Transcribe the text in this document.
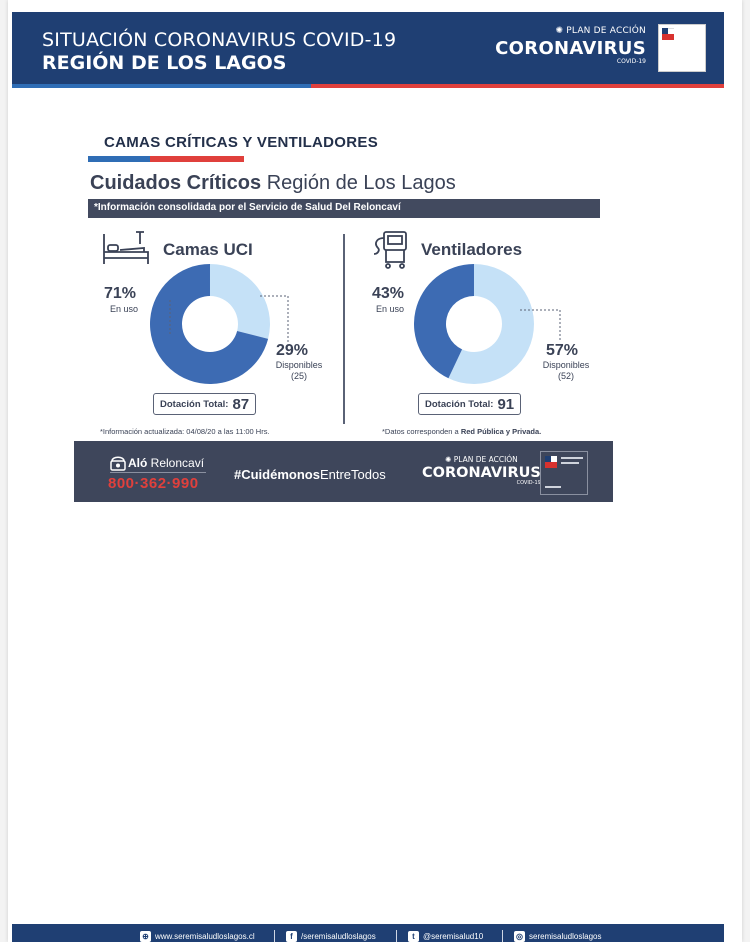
SITUACIÓN CORONAVIRUS COVID-19
REGIÓN DE LOS LAGOS
✺ PLAN DE ACCIÓN
CORONAVIRUS
COVID-19
CAMAS CRÍTICAS Y VENTILADORES
Cuidados Críticos Región de Los Lagos
*Información consolidada por el Servicio de Salud Del Reloncaví
Camas UCI
71%
En uso
29%
Disponibles
(25)
Dotación Total: 87
Ventiladores
43%
En uso
57%
Disponibles
(52)
Dotación Total: 91
*Información actualizada: 04/08/20 a las 11:00 Hrs.	*Datos corresponden a Red Pública y Privada.
Aló Reloncaví
800·362·990
#CuidémonosEntreTodos
✺ PLAN DE ACCIÓN
CORONAVIRUS
COVID-19
⊕ www.seremisaludloslagos.cl	f	/seremisaludloslagos	t	@seremisalud10	◎ seremisaludloslagos
